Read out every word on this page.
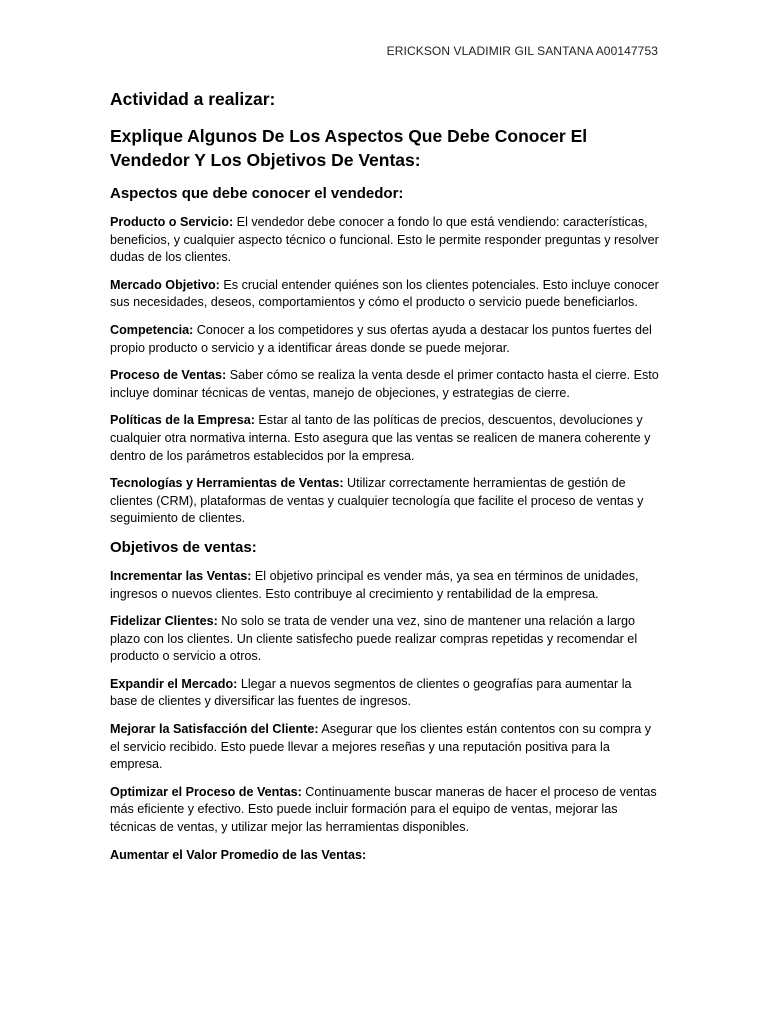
ERICKSON VLADIMIR GIL SANTANA A00147753
Actividad a realizar:
Explique Algunos De Los Aspectos Que Debe Conocer El Vendedor Y Los Objetivos De Ventas:
Aspectos que debe conocer el vendedor:

Producto o Servicio: El vendedor debe conocer a fondo lo que está vendiendo: características, beneficios, y cualquier aspecto técnico o funcional. Esto le permite responder preguntas y resolver dudas de los clientes.

Mercado Objetivo: Es crucial entender quiénes son los clientes potenciales. Esto incluye conocer sus necesidades, deseos, comportamientos y cómo el producto o servicio puede beneficiarlos.

Competencia: Conocer a los competidores y sus ofertas ayuda a destacar los puntos fuertes del propio producto o servicio y a identificar áreas donde se puede mejorar.

Proceso de Ventas: Saber cómo se realiza la venta desde el primer contacto hasta el cierre. Esto incluye dominar técnicas de ventas, manejo de objeciones, y estrategias de cierre.

Políticas de la Empresa: Estar al tanto de las políticas de precios, descuentos, devoluciones y cualquier otra normativa interna. Esto asegura que las ventas se realicen de manera coherente y dentro de los parámetros establecidos por la empresa.

Tecnologías y Herramientas de Ventas: Utilizar correctamente herramientas de gestión de clientes (CRM), plataformas de ventas y cualquier tecnología que facilite el proceso de ventas y seguimiento de clientes.

Objetivos de ventas:

Incrementar las Ventas: El objetivo principal es vender más, ya sea en términos de unidades, ingresos o nuevos clientes. Esto contribuye al crecimiento y rentabilidad de la empresa.

Fidelizar Clientes: No solo se trata de vender una vez, sino de mantener una relación a largo plazo con los clientes. Un cliente satisfecho puede realizar compras repetidas y recomendar el producto o servicio a otros.

Expandir el Mercado: Llegar a nuevos segmentos de clientes o geografías para aumentar la base de clientes y diversificar las fuentes de ingresos.

Mejorar la Satisfacción del Cliente: Asegurar que los clientes están contentos con su compra y el servicio recibido. Esto puede llevar a mejores reseñas y una reputación positiva para la empresa.

Optimizar el Proceso de Ventas: Continuamente buscar maneras de hacer el proceso de ventas más eficiente y efectivo. Esto puede incluir formación para el equipo de ventas, mejorar las técnicas de ventas, y utilizar mejor las herramientas disponibles.

Aumentar el Valor Promedio de las Ventas:
